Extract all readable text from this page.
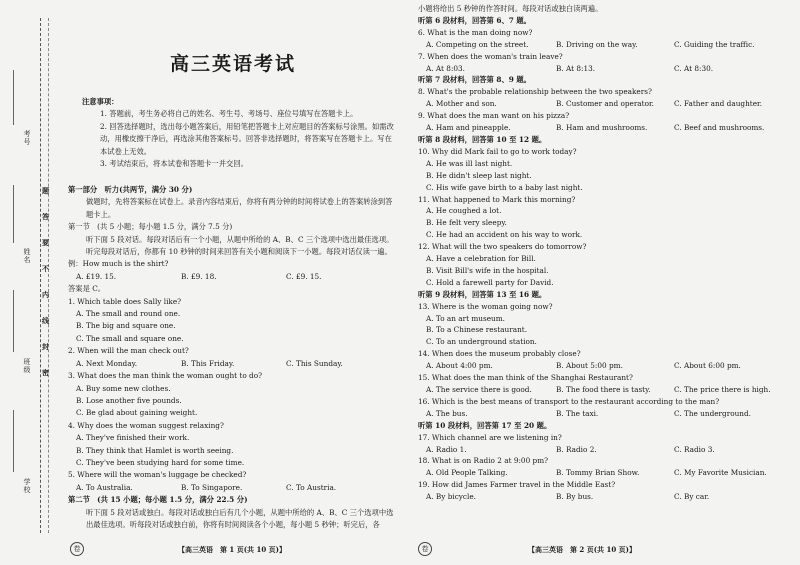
考号
姓名
班级
学校
题
答
要
不
内
线
封
密
高三英语考试
注意事项：
1. 答题前，考生务必将自己的姓名、考生号、考场号、座位号填写在答题卡上。
2. 回答选择题时，选出每小题答案后，用铅笔把答题卡上对应题目的答案标号涂黑。如需改动，用橡皮擦干净后，再选涂其他答案标号。回答非选择题时，将答案写在答题卡上。写在本试卷上无效。
3. 考试结束后，将本试卷和答题卡一并交回。
第一部分　听力(共两节，满分 30 分)
做题时，先将答案标在试卷上。录音内容结束后，你将有两分钟的时间将试卷上的答案转涂到答题卡上。
第一节　(共 5 小题；每小题 1.5 分，满分 7.5 分)
听下面 5 段对话。每段对话后有一个小题，从题中所给的 A、B、C 三个选项中选出最佳选项。听完每段对话后，你都有 10 秒钟的时间来回答有关小题和阅读下一小题。每段对话仅读一遍。
例：How much is the shirt?
A. £19. 15.	B. £9. 18.	C. £9. 15.
答案是 C。
1. Which table does Sally like?
A. The small and round one.
B. The big and square one.
C. The small and square one.
2. When will the man check out?
A. Next Monday.	B. This Friday.	C. This Sunday.
3. What does the man think the woman ought to do?
A. Buy some new clothes.
B. Lose another five pounds.
C. Be glad about gaining weight.
4. Why does the woman suggest relaxing?
A. They've finished their work.
B. They think that Hamlet is worth seeing.
C. They've been studying hard for some time.
5. Where will the woman's luggage be checked?
A. To Australia.	B. To Singapore.	C. To Austria.
第二节　(共 15 小题；每小题 1.5 分，满分 22.5 分)
听下面 5 段对话或独白。每段对话或独白后有几个小题，从题中所给的 A、B、C 三个选项中选出最佳选项。听每段对话或独白前，你将有时间阅读各个小题，每小题 5 秒钟；听完后，各
卷	【高三英语　第 1 页(共 10 页)】
小题将给出 5 秒钟的作答时间。每段对话或独白读两遍。
听第 6 段材料，回答第 6、7 题。
6. What is the man doing now?
A. Competing on the street.	B. Driving on the way.	C. Guiding the traffic.
7. When does the woman's train leave?
A. At 8:03.	B. At 8:13.	C. At 8:30.
听第 7 段材料，回答第 8、9 题。
8. What's the probable relationship between the two speakers?
A. Mother and son.	B. Customer and operator.	C. Father and daughter.
9. What does the man want on his pizza?
A. Ham and pineapple.	B. Ham and mushrooms.	C. Beef and mushrooms.
听第 8 段材料，回答第 10 至 12 题。
10. Why did Mark fail to go to work today?
A. He was ill last night.
B. He didn't sleep last night.
C. His wife gave birth to a baby last night.
11. What happened to Mark this morning?
A. He coughed a lot.
B. He felt very sleepy.
C. He had an accident on his way to work.
12. What will the two speakers do tomorrow?
A. Have a celebration for Bill.
B. Visit Bill's wife in the hospital.
C. Hold a farewell party for David.
听第 9 段材料，回答第 13 至 16 题。
13. Where is the woman going now?
A. To an art museum.
B. To a Chinese restaurant.
C. To an underground station.
14. When does the museum probably close?
A. About 4:00 pm.	B. About 5:00 pm.	C. About 6:00 pm.
15. What does the man think of the Shanghai Restaurant?
A. The service there is good.	B. The food there is tasty.	C. The price there is high.
16. Which is the best means of transport to the restaurant according to the man?
A. The bus.	B. The taxi.	C. The underground.
听第 10 段材料，回答第 17 至 20 题。
17. Which channel are we listening in?
A. Radio 1.	B. Radio 2.	C. Radio 3.
18. What is on Radio 2 at 9:00 pm?
A. Old People Talking.	B. Tommy Brian Show.	C. My Favorite Musician.
19. How did James Farmer travel in the Middle East?
A. By bicycle.	B. By bus.	C. By car.
卷	【高三英语　第 2 页(共 10 页)】
